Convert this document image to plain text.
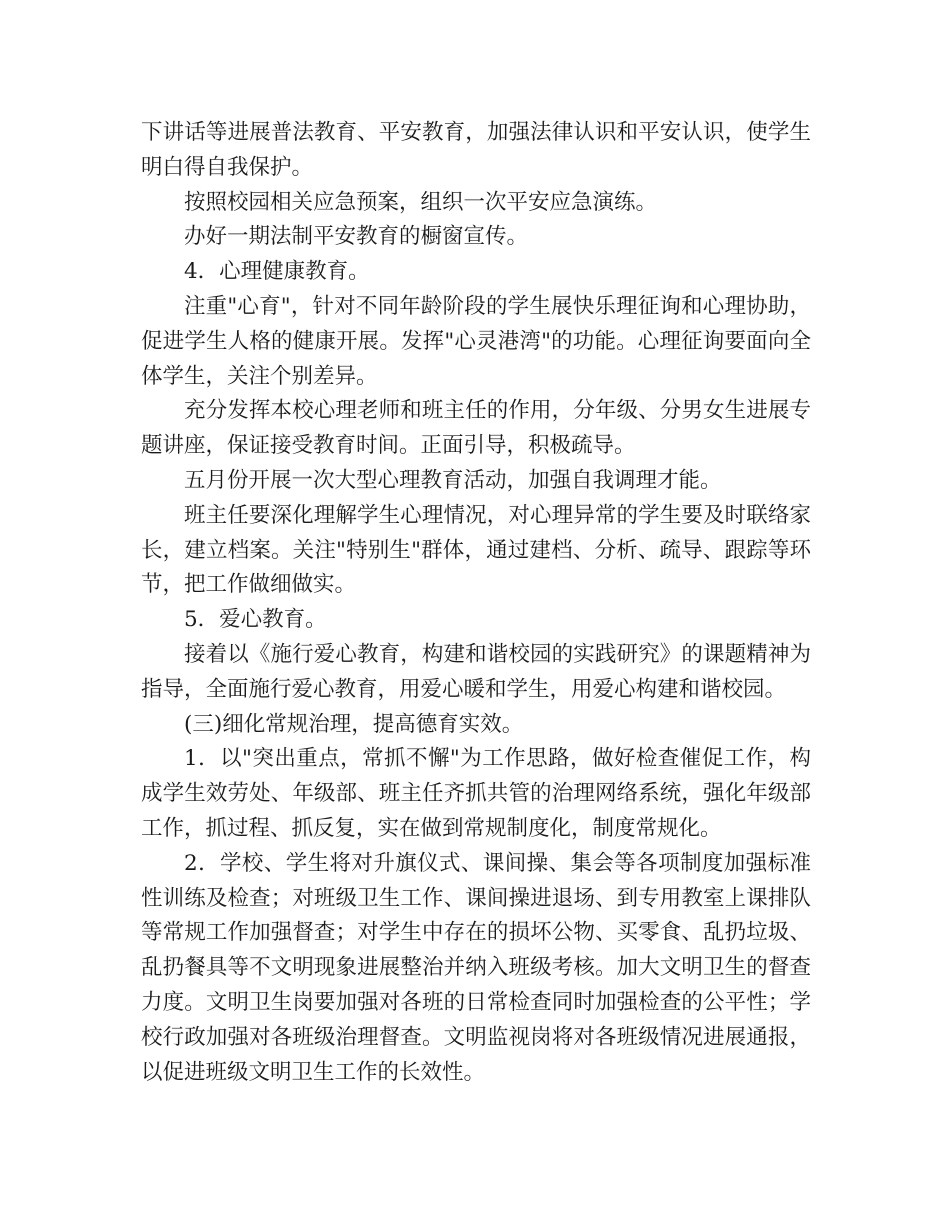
下讲话等进展普法教育、平安教育，加强法律认识和平安认识，使学生明白得自我保护。

按照校园相关应急预案，组织一次平安应急演练。

办好一期法制平安教育的橱窗宣传。

4．心理健康教育。

注重"心育"，针对不同年龄阶段的学生展快乐理征询和心理协助，促进学生人格的健康开展。发挥"心灵港湾"的功能。心理征询要面向全体学生，关注个别差异。

充分发挥本校心理老师和班主任的作用，分年级、分男女生进展专题讲座，保证接受教育时间。正面引导，积极疏导。

五月份开展一次大型心理教育活动，加强自我调理才能。

班主任要深化理解学生心理情况，对心理异常的学生要及时联络家长，建立档案。关注"特别生"群体，通过建档、分析、疏导、跟踪等环节，把工作做细做实。

5．爱心教育。

接着以《施行爱心教育，构建和谐校园的实践研究》的课题精神为指导，全面施行爱心教育，用爱心暖和学生，用爱心构建和谐校园。

(三)细化常规治理，提高德育实效。

1．以"突出重点，常抓不懈"为工作思路，做好检查催促工作，构成学生效劳处、年级部、班主任齐抓共管的治理网络系统，强化年级部工作，抓过程、抓反复，实在做到常规制度化，制度常规化。

2．学校、学生将对升旗仪式、课间操、集会等各项制度加强标准性训练及检查；对班级卫生工作、课间操进退场、到专用教室上课排队等常规工作加强督查；对学生中存在的损坏公物、买零食、乱扔垃圾、乱扔餐具等不文明现象进展整治并纳入班级考核。加大文明卫生的督查力度。文明卫生岗要加强对各班的日常检查同时加强检查的公平性；学校行政加强对各班级治理督查。文明监视岗将对各班级情况进展通报，以促进班级文明卫生工作的长效性。
